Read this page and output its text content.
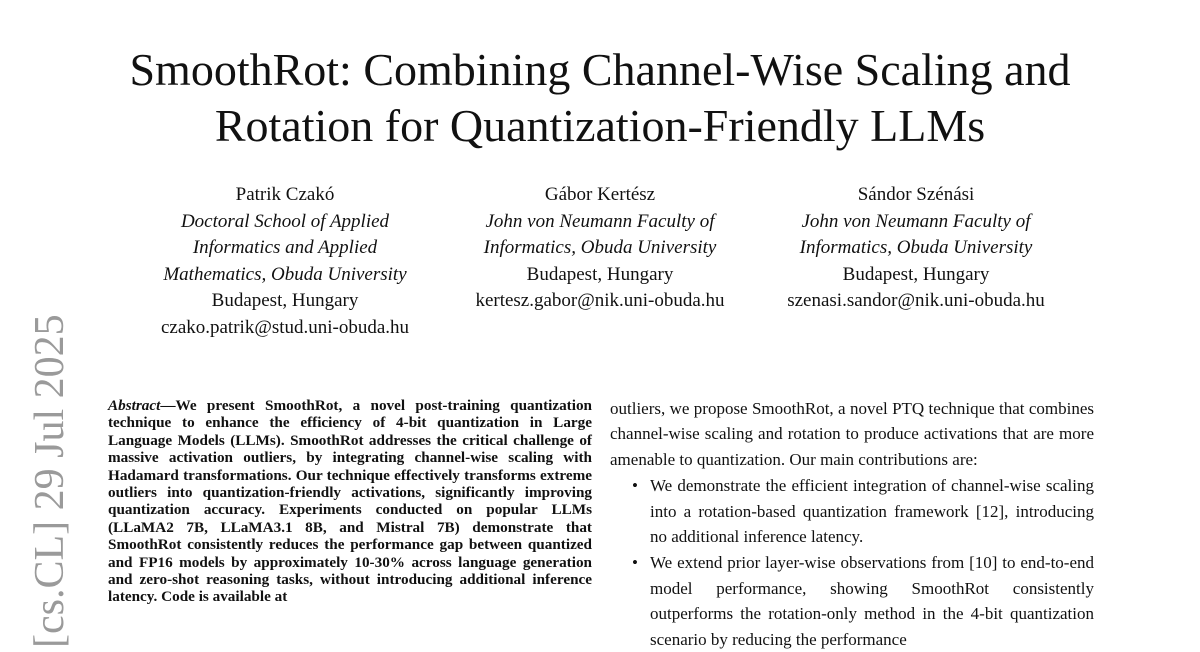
SmoothRot: Combining Channel-Wise Scaling and
Rotation for Quantization-Friendly LLMs
[cs.CL] 29 Jul 2025
Patrik Czakó
Doctoral School of Applied
Informatics and Applied
Mathematics, Obuda University
Budapest, Hungary
czako.patrik@stud.uni-obuda.hu
Gábor Kertész
John von Neumann Faculty of
Informatics, Obuda University
Budapest, Hungary
kertesz.gabor@nik.uni-obuda.hu
Sándor Szénási
John von Neumann Faculty of
Informatics, Obuda University
Budapest, Hungary
szenasi.sandor@nik.uni-obuda.hu
Abstract—We present SmoothRot, a novel post-training quantization technique to enhance the efficiency of 4-bit quantization in Large Language Models (LLMs). SmoothRot addresses the critical challenge of massive activation outliers, by integrating channel-wise scaling with Hadamard transformations. Our technique effectively transforms extreme outliers into quantization-friendly activations, significantly improving quantization accuracy. Experiments conducted on popular LLMs (LLaMA2 7B, LLaMA3.1 8B, and Mistral 7B) demonstrate that SmoothRot consistently reduces the performance gap between quantized and FP16 models by approximately 10-30% across language generation and zero-shot reasoning tasks, without introducing additional inference latency. Code is available at

outliers, we propose SmoothRot, a novel PTQ technique that combines channel-wise scaling and rotation to produce activations that are more amenable to quantization. Our main contributions are:

• We demonstrate the efficient integration of channel-wise scaling into a rotation-based quantization framework [12], introducing no additional inference latency.
• We extend prior layer-wise observations from [10] to end-to-end model performance, showing SmoothRot consistently outperforms the rotation-only method in the 4-bit quantization scenario by reducing the performance
